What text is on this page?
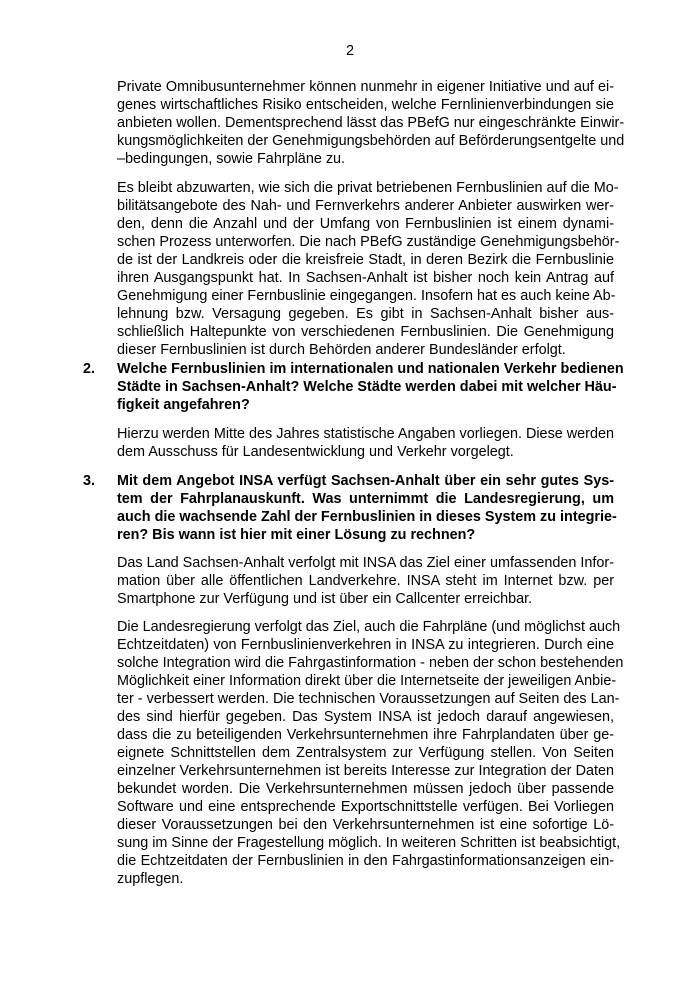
2
Private Omnibusunternehmer können nunmehr in eigener Initiative und auf ei-
genes wirtschaftliches Risiko entscheiden, welche Fernlinienverbindungen sie
anbieten wollen. Dementsprechend lässt das PBefG nur eingeschränkte Einwir-
kungsmöglichkeiten der Genehmigungsbehörden auf Beförderungsentgelte und
–bedingungen, sowie Fahrpläne zu.
Es bleibt abzuwarten, wie sich die privat betriebenen Fernbuslinien auf die Mo-
bilitätsangebote des Nah- und Fernverkehrs anderer Anbieter auswirken wer-
den, denn die Anzahl und der Umfang von Fernbuslinien ist einem dynami-
schen Prozess unterworfen. Die nach PBefG zuständige Genehmigungsbehör-
de ist der Landkreis oder die kreisfreie Stadt, in deren Bezirk die Fernbuslinie
ihren Ausgangspunkt hat. In Sachsen-Anhalt ist bisher noch kein Antrag auf
Genehmigung einer Fernbuslinie eingegangen. Insofern hat es auch keine Ab-
lehnung bzw. Versagung gegeben. Es gibt in Sachsen-Anhalt bisher aus-
schließlich Haltepunkte von verschiedenen Fernbuslinien. Die Genehmigung
dieser Fernbuslinien ist durch Behörden anderer Bundesländer erfolgt.
2. Welche Fernbuslinien im internationalen und nationalen Verkehr bedienen
Städte in Sachsen-Anhalt? Welche Städte werden dabei mit welcher Häu-
figkeit angefahren?
Hierzu werden Mitte des Jahres statistische Angaben vorliegen. Diese werden
dem Ausschuss für Landesentwicklung und Verkehr vorgelegt.
3. Mit dem Angebot INSA verfügt Sachsen-Anhalt über ein sehr gutes Sys-
tem der Fahrplanauskunft. Was unternimmt die Landesregierung, um
auch die wachsende Zahl der Fernbuslinien in dieses System zu integrie-
ren? Bis wann ist hier mit einer Lösung zu rechnen?
Das Land Sachsen-Anhalt verfolgt mit INSA das Ziel einer umfassenden Infor-
mation über alle öffentlichen Landverkehre. INSA steht im Internet bzw. per
Smartphone zur Verfügung und ist über ein Callcenter erreichbar.
Die Landesregierung verfolgt das Ziel, auch die Fahrpläne (und möglichst auch
Echtzeitdaten) von Fernbuslinienverkehren in INSA zu integrieren. Durch eine
solche Integration wird die Fahrgastinformation - neben der schon bestehenden
Möglichkeit einer Information direkt über die Internetseite der jeweiligen Anbie-
ter - verbessert werden. Die technischen Voraussetzungen auf Seiten des Lan-
des sind hierfür gegeben. Das System INSA ist jedoch darauf angewiesen,
dass die zu beteiligenden Verkehrsunternehmen ihre Fahrplandaten über ge-
eignete Schnittstellen dem Zentralsystem zur Verfügung stellen. Von Seiten
einzelner Verkehrsunternehmen ist bereits Interesse zur Integration der Daten
bekundet worden. Die Verkehrsunternehmen müssen jedoch über passende
Software und eine entsprechende Exportschnittstelle verfügen. Bei Vorliegen
dieser Voraussetzungen bei den Verkehrsunternehmen ist eine sofortige Lö-
sung im Sinne der Fragestellung möglich. In weiteren Schritten ist beabsichtigt,
die Echtzeitdaten der Fernbuslinien in den Fahrgastinformationsanzeigen ein-
zupflegen.
